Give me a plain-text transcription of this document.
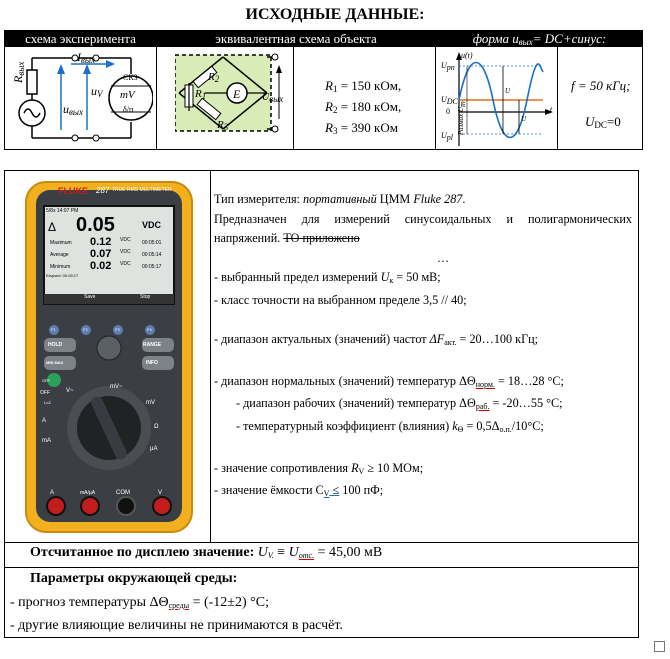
ИСХОДНЫЕ ДАННЫЕ:
схема эксперимента	эквивалентная схема объекта	форма $u_{вых}=$ DC+синус:
$R_{вых}$
$I_{вых}$
$u_{вых}$
$u_V$
СКЗ
mV
δ/п
$R_2$
$R_1$
$R_3$
E Uвых
$R_1 = 150$ кОм,
$R_2 = 180$ кОм,
$R_3 = 390$ кОм
u(t)
Upn
UDC
0
Upl
t
Размах Um
U
U
f = 50 кГц;
$U_{DC}=0$
FLUKE 287 TRUE RMS MULTIMETER
5/8s 14:07 PM
Δ 0.05	VDC
Maximum 0.12 VDC 00:05:01
Average 0.07 VDC 00:05:14
Minimum 0.02 VDC 00:05:17
Elapsed: 00:05:17
Save	Stop
F1	F2	F3	F4
HOLD	RANGE
MIN MAX	INFO
OFF	V~
mV~
mV
Ω
A
mA
µA
LoZ
OFF
A	mA/µA	COM	V

Тип измерителя: портативный ЦММ Fluke 287.

Предназначен для измерений синусоидальных и полигармонических напряжений. ТО приложено

…

- выбранный предел измерений Uк = 50 мВ;

- класс точности на выбранном пределе 3,5 // 40;

- диапазон актуальных (значений) частот ΔFакт. = 20…100 кГц;

- диапазон нормальных (значений) температур ΔΘнорм. = 18…28 °С;

- диапазон рабочих (значений) температур ΔΘраб. = -20…55 °С;

- температурный коэффициент (влияния) kΘ = 0,5Δо.п./10°С;

- значение сопротивления RV ≥ 10 МОм;

- значение ёмкости СV ≤ 100 пФ;

Отсчитанное по дисплею значение: UV. ≡ Uотс. = 45,00 мВ
Параметры окружающей среды:
- прогноз температуры ΔΘсреды = (-12±2) °С;
- другие влияющие величины не принимаются в расчёт.
